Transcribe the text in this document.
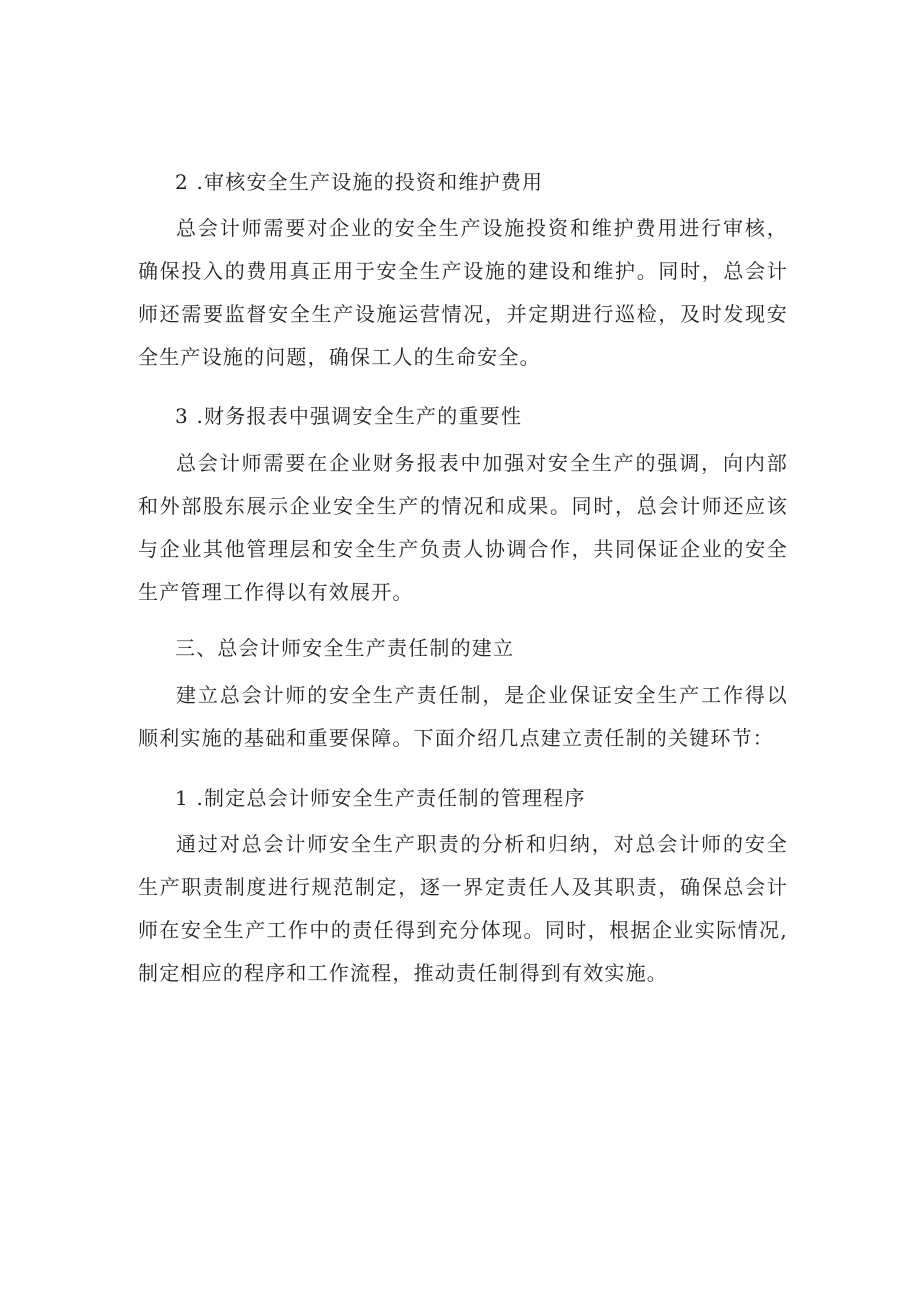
2 .审核安全生产设施的投资和维护费用

总会计师需要对企业的安全生产设施投资和维护费用进行审核，确保投入的费用真正用于安全生产设施的建设和维护。同时，总会计师还需要监督安全生产设施运营情况，并定期进行巡检，及时发现安全生产设施的问题，确保工人的生命安全。

3 .财务报表中强调安全生产的重要性

总会计师需要在企业财务报表中加强对安全生产的强调，向内部和外部股东展示企业安全生产的情况和成果。同时，总会计师还应该与企业其他管理层和安全生产负责人协调合作，共同保证企业的安全生产管理工作得以有效展开。

三、总会计师安全生产责任制的建立

建立总会计师的安全生产责任制，是企业保证安全生产工作得以顺利实施的基础和重要保障。下面介绍几点建立责任制的关键环节：

1 .制定总会计师安全生产责任制的管理程序

通过对总会计师安全生产职责的分析和归纳，对总会计师的安全生产职责制度进行规范制定，逐一界定责任人及其职责，确保总会计师在安全生产工作中的责任得到充分体现。同时，根据企业实际情况,制定相应的程序和工作流程，推动责任制得到有效实施。
